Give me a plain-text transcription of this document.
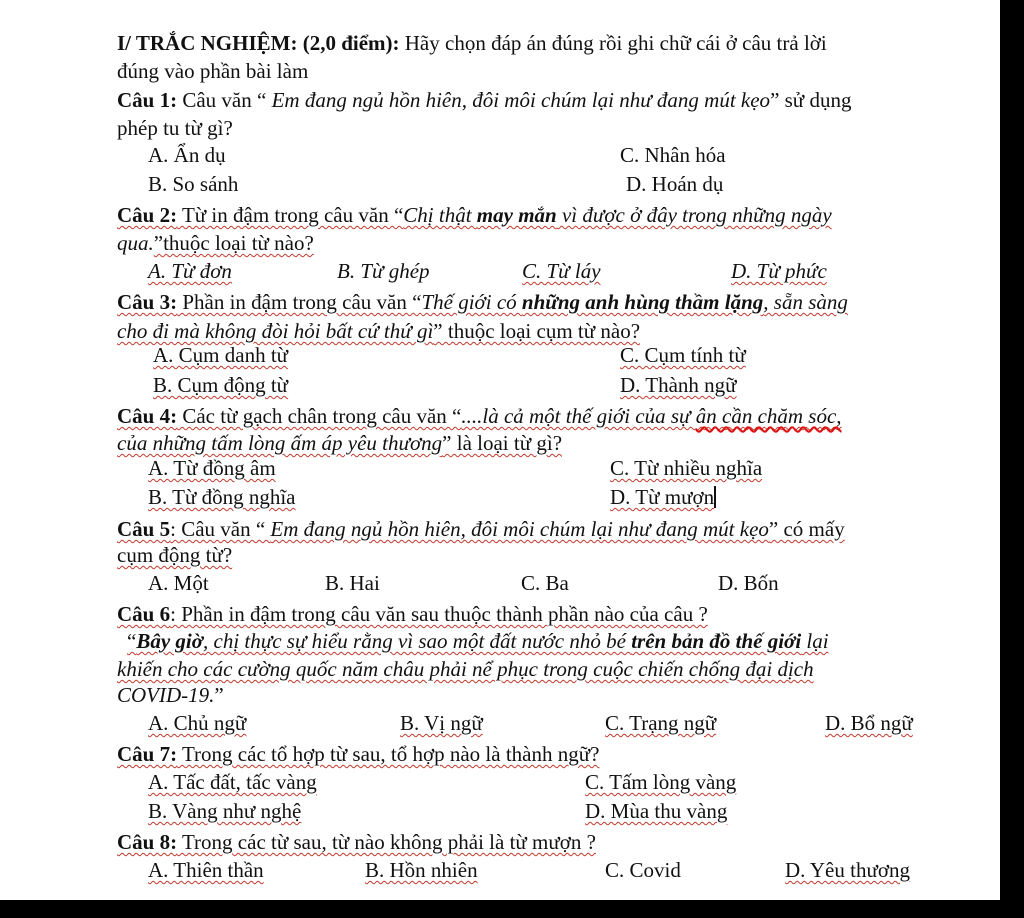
I/ TRẮC NGHIỆM: (2,0 điểm): Hãy chọn đáp án đúng rồi ghi chữ cái ở câu trả lời
đúng vào phần bài làm
Câu 1: Câu văn “ Em đang ngủ hồn hiên, đôi môi chúm lại như đang mút kẹo” sử dụng
phép tu từ gì?
A. Ẩn dụ	C. Nhân hóa
B. So sánh	D. Hoán dụ
Câu 2: Từ in đậm trong câu văn “Chị thật may mắn vì được ở đây trong những ngày
qua.”thuộc loại từ nào?
A. Từ đơn	B. Từ ghép	C. Từ láy	D. Từ phức
Câu 3: Phần in đậm trong câu văn “Thế giới có những anh hùng thầm lặng, sẵn sàng
cho đi mà không đòi hỏi bất cứ thứ gì” thuộc loại cụm từ nào?
A. Cụm danh từ	C. Cụm tính từ
B. Cụm động từ	D. Thành ngữ
Câu 4: Các từ gạch chân trong câu văn “....là cả một thế giới của sự ân cần chăm sóc,
của những tấm lòng ấm áp yêu thương” là loại từ gì?
A. Từ đồng âm	C. Từ nhiều nghĩa
B. Từ đồng nghĩa	D. Từ mượn
Câu 5: Câu văn “ Em đang ngủ hồn hiên, đôi môi chúm lại như đang mút kẹo” có mấy
cụm động từ?
A. Một	B. Hai	C. Ba	D. Bốn
Câu 6: Phần in đậm trong câu văn sau thuộc thành phần nào của câu ?
“Bây giờ, chị thực sự hiểu rằng vì sao một đất nước nhỏ bé trên bản đồ thế giới lại
khiến cho các cường quốc năm châu phải nể phục trong cuộc chiến chống đại dịch
COVID-19.”
A. Chủ ngữ	B. Vị ngữ	C. Trạng ngữ	D. Bổ ngữ
Câu 7: Trong các tổ hợp từ sau, tổ hợp nào là thành ngữ?
A. Tấc đất, tấc vàng	C. Tấm lòng vàng
B. Vàng như nghệ	D. Mùa thu vàng
Câu 8: Trong các từ sau, từ nào không phải là từ mượn ?
A. Thiên thần	B. Hồn nhiên	C. Covid	D. Yêu thương
